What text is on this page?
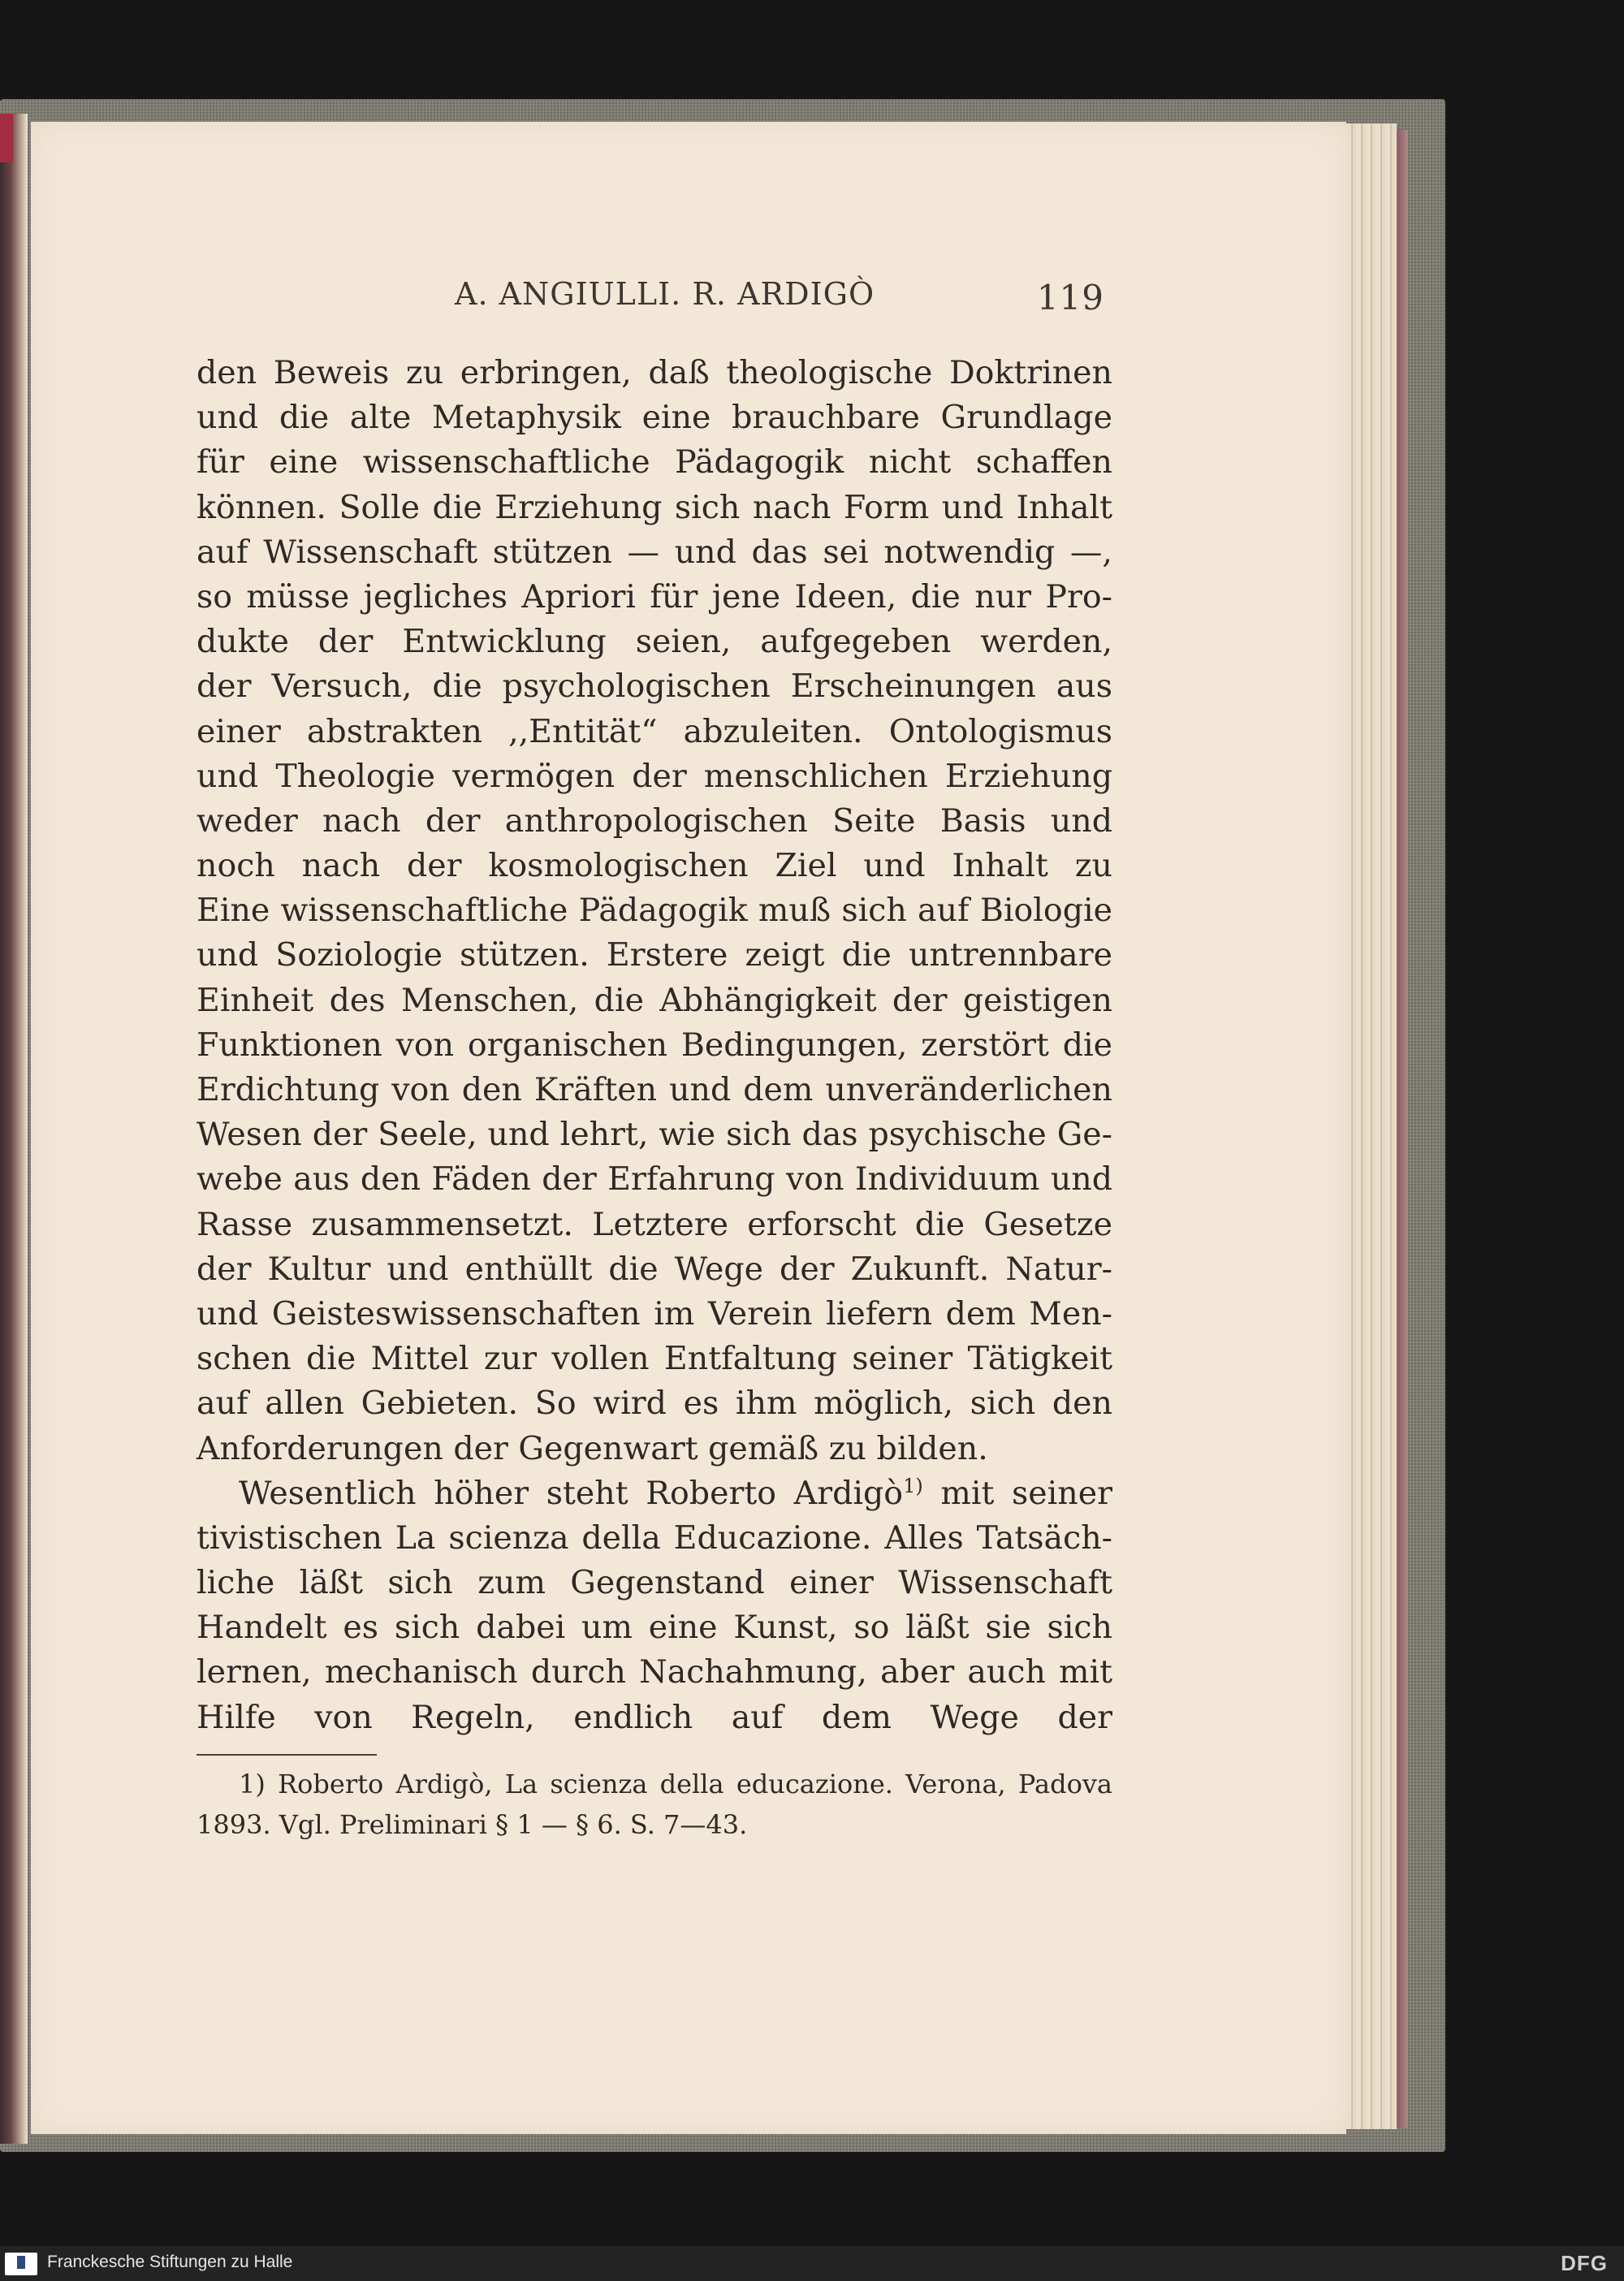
A. ANGIULLI. R. ARDIGÒ	119
den Beweis zu erbringen, daß theologische Doktrinen
und die alte Metaphysik eine brauchbare Grundlage
für eine wissenschaftliche Pädagogik nicht schaffen
können. Solle die Erziehung sich nach Form und Inhalt
auf Wissenschaft stützen — und das sei notwendig —,
so müsse jegliches Apriori für jene Ideen, die nur Pro-
dukte der Entwicklung seien, aufgegeben werden,
der Versuch, die psychologischen Erscheinungen aus
einer abstrakten ,,Entität“ abzuleiten. Ontologismus
und Theologie vermögen der menschlichen Erziehung
weder nach der anthropologischen Seite Basis und
noch nach der kosmologischen Ziel und Inhalt zu
Eine wissenschaftliche Pädagogik muß sich auf Biologie
und Soziologie stützen. Erstere zeigt die untrennbare
Einheit des Menschen, die Abhängigkeit der geistigen
Funktionen von organischen Bedingungen, zerstört die
Erdichtung von den Kräften und dem unveränderlichen
Wesen der Seele, und lehrt, wie sich das psychische Ge-
webe aus den Fäden der Erfahrung von Individuum und
Rasse zusammensetzt. Letztere erforscht die Gesetze
der Kultur und enthüllt die Wege der Zukunft. Natur-
und Geisteswissenschaften im Verein liefern dem Men-
schen die Mittel zur vollen Entfaltung seiner Tätigkeit
auf allen Gebieten. So wird es ihm möglich, sich den
Anforderungen der Gegenwart gemäß zu bilden.
Wesentlich höher steht Roberto Ardigò$^{1)}$ mit seiner
tivistischen La scienza della Educazione. Alles Tatsäch-
liche läßt sich zum Gegenstand einer Wissenschaft
Handelt es sich dabei um eine Kunst, so läßt sie sich
lernen, mechanisch durch Nachahmung, aber auch mit
Hilfe von Regeln, endlich auf dem Wege der
1) Roberto Ardigò, La scienza della educazione. Verona, Padova
1893. Vgl. Preliminari § 1 — § 6. S. 7—43.
Franckesche Stiftungen zu Halle	DFG
